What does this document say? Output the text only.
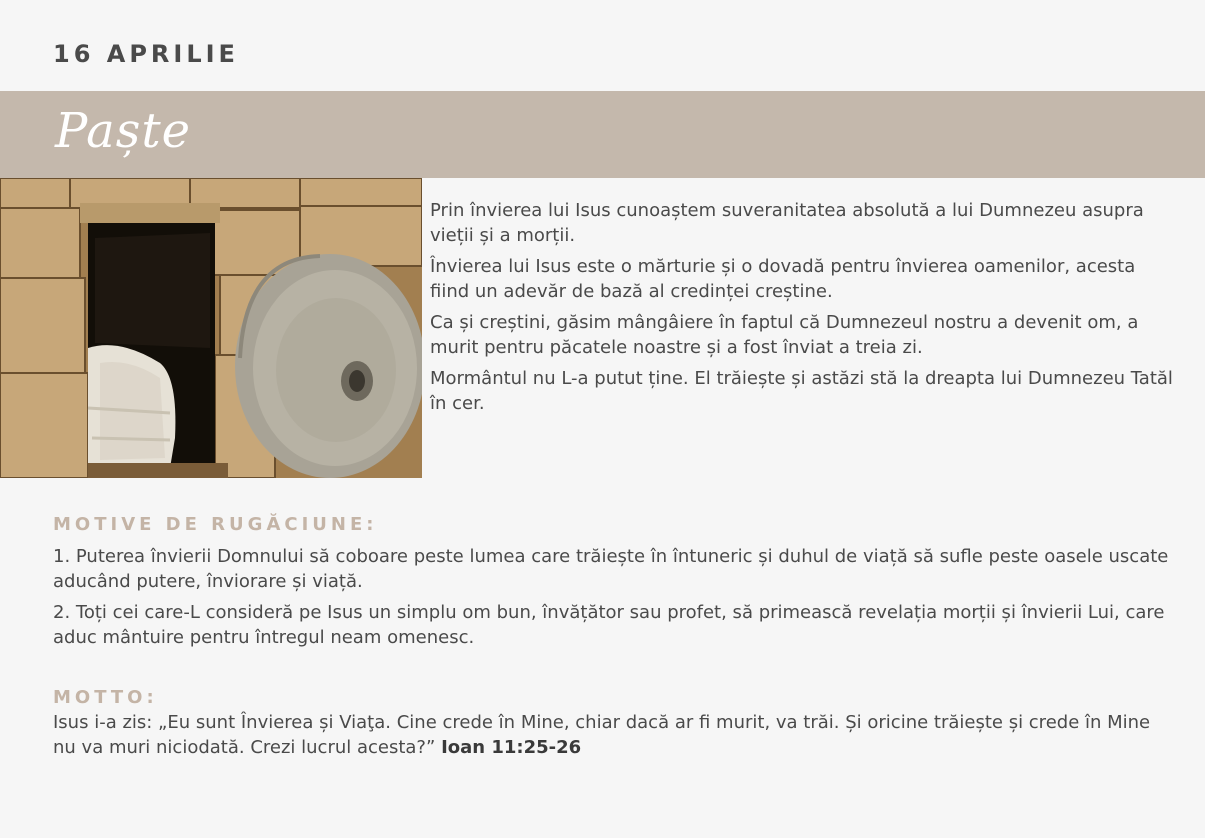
16 APRILIE
Paște

Prin învierea lui Isus cunoaștem suveranitatea absolută a lui Dumnezeu asupra vieții și a morții.

Învierea lui Isus este o mărturie și o dovadă pentru învierea oamenilor, acesta fiind un adevăr de bază al credinței creștine.

Ca și creștini, găsim mângâiere în faptul că Dumnezeul nostru a devenit om, a murit pentru păcatele noastre și a fost înviat a treia zi.

Mormântul nu L-a putut ține. El trăiește și astăzi stă la dreapta lui Dumnezeu Tatăl în cer.

MOTIVE DE RUGĂCIUNE:

1. Puterea învierii Domnului să coboare peste lumea care trăiește în întuneric și duhul de viață să sufle peste oasele uscate aducând putere, înviorare și viață.

2. Toți cei care-L consideră pe Isus un simplu om bun, învățător sau profet, să primească revelația morții și învierii Lui, care aduc mântuire pentru întregul neam omenesc.

MOTTO:
Isus i-a zis: „Eu sunt Învierea și Viaţa. Cine crede în Mine, chiar dacă ar fi murit, va trăi. Și oricine trăiește și crede în Mine nu va muri niciodată. Crezi lucrul acesta?” Ioan 11:25-26
